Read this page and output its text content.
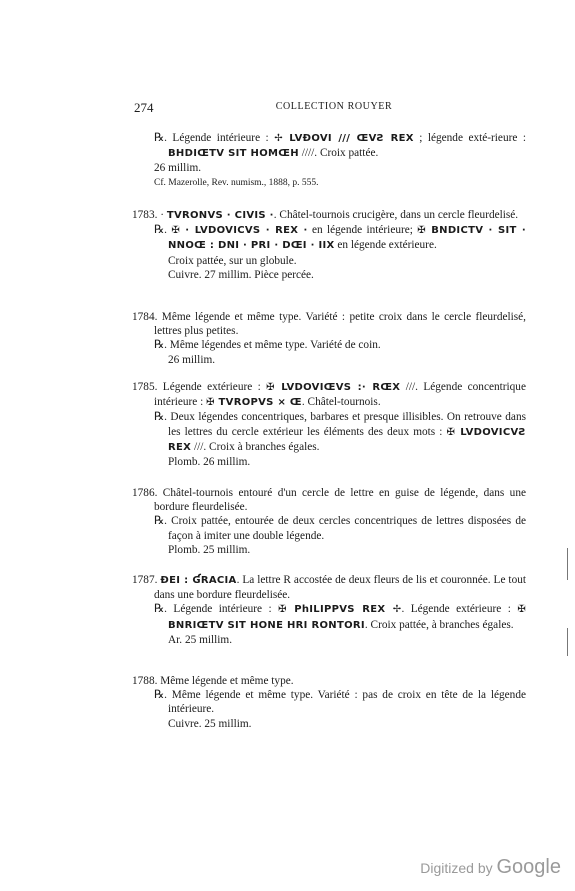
274	COLLECTION ROUYER

℞. Légende intérieure : ✢ LVÐOVI /// ŒVƧ REX ; légende exté-rieure : BHDIŒTV SIT HOMŒH ////. Croix pattée.

26 millim.

Cf. Mazerolle, Rev. numism., 1888, p. 555.

1783. · TVRONVS · CIVIS ·. Châtel-tournois crucigère, dans un cercle fleurdelisé.

℞. ✠ · LVDOVICVS · REX · en légende intérieure; ✠ BNDICTV · SIT · NNOŒ : DNI · PRI · DŒI · IIX en légende extérieure.

Croix pattée, sur un globule.

Cuivre. 27 millim. Pièce percée.

1784. Même légende et même type. Variété : petite croix dans le cercle fleurdelisé, lettres plus petites.

℞. Même légendes et même type. Variété de coin.

26 millim.

1785. Légende extérieure : ✠ LVDOVIŒVS :· RŒX ///. Légende concentrique intérieure : ✠ TVROPVS × Œ. Châtel-tournois.

℞. Deux légendes concentriques, barbares et presque illisibles. On retrouve dans les lettres du cercle extérieur les éléments des deux mots : ✠ LVDOVICVƧ REX ///. Croix à branches égales.

Plomb. 26 millim.

1786. Châtel-tournois entouré d'un cercle de lettre en guise de légende, dans une bordure fleurdelisée.

℞. Croix pattée, entourée de deux cercles concentriques de lettres disposées de façon à imiter une double légende.

Plomb. 25 millim.

1787. ÐEI : ƓRACIA. La lettre R accostée de deux fleurs de lis et couronnée. Le tout dans une bordure fleurdelisée.

℞. Légende intérieure : ✠ PhILIPPVS REX ✢. Légende extérieure : ✠ BNRIŒTV SIT HONE HRI RONTORI. Croix pattée, à branches égales.

Ar. 25 millim.

1788. Même légende et même type.

℞. Même légende et même type. Variété : pas de croix en tête de la légende intérieure.

Cuivre. 25 millim.

Digitized by Google
